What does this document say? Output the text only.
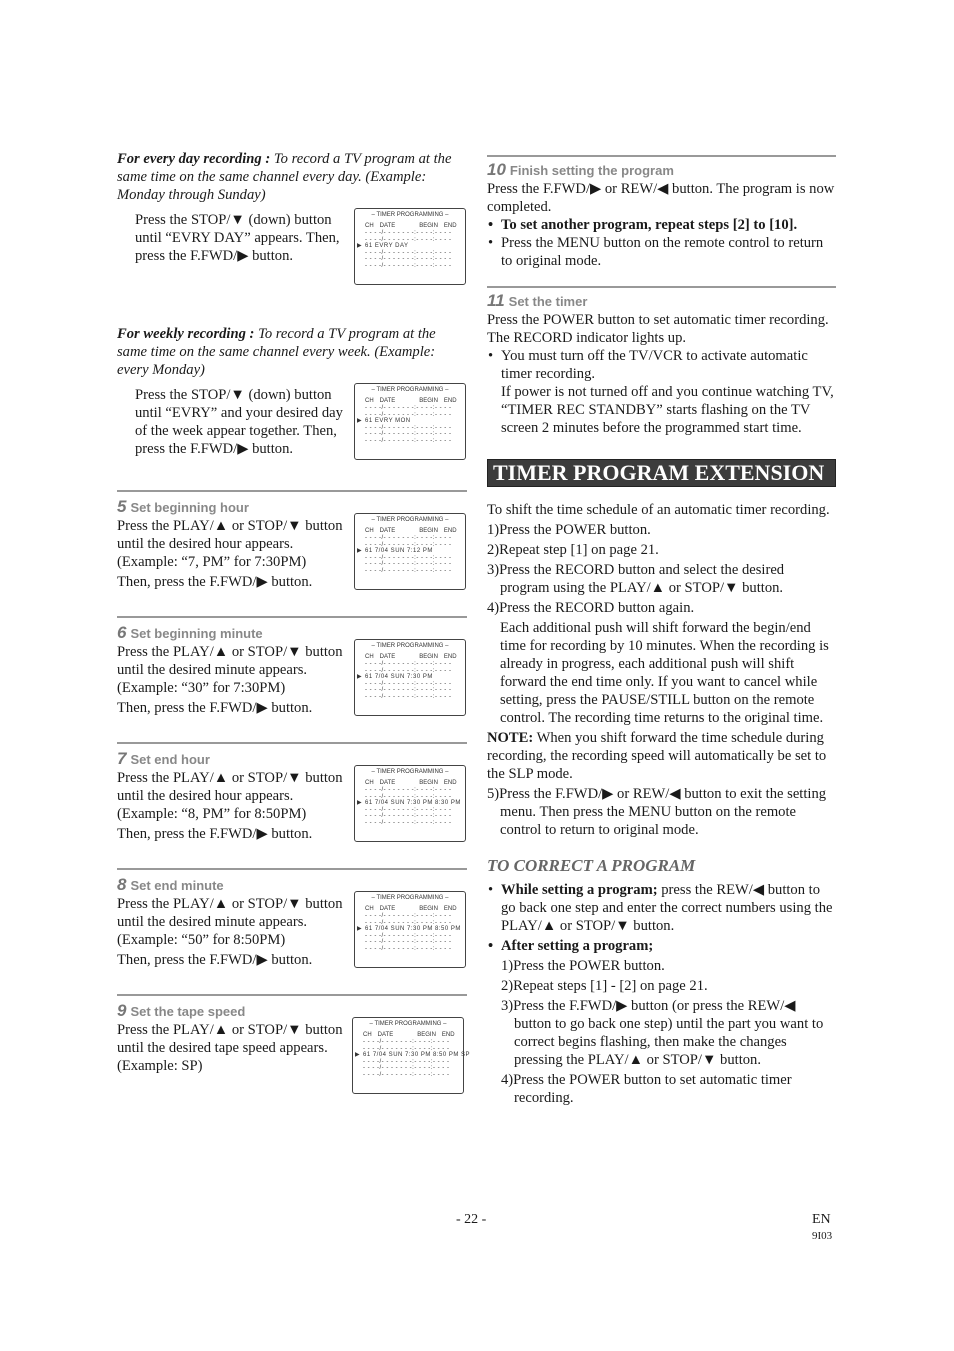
For every day recording : To record a TV program at the same time on the same channel every day. (Example: Monday through Sunday)

Press the STOP/▼ (down) button until “EVRY DAY” appears. Then, press the F.FWD/▶ button.

– TIMER PROGRAMMING –
CH DATE	BEGIN END
- - - -/- - - - - - -:- - - -:- - - -
- - - -/- - - - - - -:- - - -:- - - -
▶ 61 EVRY DAY
- - - -/- - - - - - -:- - - -:- - - -
- - - -/- - - - - - -:- - - -:- - - -
- - - -/- - - - - - -:- - - -:- - - -

For weekly recording : To record a TV program at the same time on the same channel every week. (Example: every Monday)

Press the STOP/▼ (down) button until “EVRY” and your desired day of the week appear together. Then, press the F.FWD/▶ button.

– TIMER PROGRAMMING –
CH DATE	BEGIN END
- - - -/- - - - - - -:- - - -:- - - -
- - - -/- - - - - - -:- - - -:- - - -
▶ 61 EVRY MON
- - - -/- - - - - - -:- - - -:- - - -
- - - -/- - - - - - -:- - - -:- - - -
- - - -/- - - - - - -:- - - -:- - - -
5 Set beginning hour

Press the PLAY/▲ or STOP/▼ button until the desired hour appears. (Example: “7, PM” for 7:30PM)

Then, press the F.FWD/▶ button.

– TIMER PROGRAMMING –
CH DATE	BEGIN END
- - - -/- - - - - - -:- - - -:- - - -
- - - -/- - - - - - -:- - - -:- - - -
▶ 61 7/04 SUN 7:12 PM
- - - -/- - - - - - -:- - - -:- - - -
- - - -/- - - - - - -:- - - -:- - - -
- - - -/- - - - - - -:- - - -:- - - -
6 Set beginning minute

Press the PLAY/▲ or STOP/▼ button until the desired minute appears. (Example: “30” for 7:30PM)

Then, press the F.FWD/▶ button.

– TIMER PROGRAMMING –
CH DATE	BEGIN END
- - - -/- - - - - - -:- - - -:- - - -
- - - -/- - - - - - -:- - - -:- - - -
▶ 61 7/04 SUN 7:30 PM
- - - -/- - - - - - -:- - - -:- - - -
- - - -/- - - - - - -:- - - -:- - - -
- - - -/- - - - - - -:- - - -:- - - -
7 Set end hour

Press the PLAY/▲ or STOP/▼ button until the desired hour appears. (Example: “8, PM” for 8:50PM)

Then, press the F.FWD/▶ button.

– TIMER PROGRAMMING –
CH DATE	BEGIN END
- - - -/- - - - - - -:- - - -:- - - -
- - - -/- - - - - - -:- - - -:- - - -
▶ 61 7/04 SUN 7:30 PM 8:30 PM
- - - -/- - - - - - -:- - - -:- - - -
- - - -/- - - - - - -:- - - -:- - - -
- - - -/- - - - - - -:- - - -:- - - -
8 Set end minute

Press the PLAY/▲ or STOP/▼ button until the desired minute appears. (Example: “50” for 8:50PM)

Then, press the F.FWD/▶ button.

– TIMER PROGRAMMING –
CH DATE	BEGIN END
- - - -/- - - - - - -:- - - -:- - - -
- - - -/- - - - - - -:- - - -:- - - -
▶ 61 7/04 SUN 7:30 PM 8:50 PM
- - - -/- - - - - - -:- - - -:- - - -
- - - -/- - - - - - -:- - - -:- - - -
- - - -/- - - - - - -:- - - -:- - - -
9 Set the tape speed

Press the PLAY/▲ or STOP/▼ button until the desired tape speed appears. (Example: SP)

– TIMER PROGRAMMING –
CH DATE	BEGIN END
- - - -/- - - - - - -:- - - -:- - - -
- - - -/- - - - - - -:- - - -:- - - -
▶ 61 7/04 SUN 7:30 PM 8:50 PM SP
- - - -/- - - - - - -:- - - -:- - - -
- - - -/- - - - - - -:- - - -:- - - -
- - - -/- - - - - - -:- - - -:- - - -
10 Finish setting the program

Press the F.FWD/▶ or REW/◀ button. The program is now completed.

• To set another program, repeat steps [2] to [10].

• Press the MENU button on the remote control to return to original mode.

11 Set the timer

Press the POWER button to set automatic timer recording. The RECORD indicator lights up.

• You must turn off the TV/VCR to activate automatic timer recording.

If power is not turned off and you continue watching TV, “TIMER REC STANDBY” starts flashing on the TV screen 2 minutes before the programmed start time.

TIMER PROGRAM EXTENSION

To shift the time schedule of an automatic timer recording.

1)Press the POWER button.

2)Repeat step [1] on page 21.

3)Press the RECORD button and select the desired program using the PLAY/▲ or STOP/▼ button.

4)Press the RECORD button again.

Each additional push will shift forward the begin/end time for recording by 10 minutes. When the recording is already in progress, each additional push will shift forward the end time only. If you want to cancel while setting, press the PAUSE/STILL button on the remote control. The recording time returns to the original time.

NOTE: When you shift forward the time schedule during recording, the recording speed will automatically be set to the SLP mode.

5)Press the F.FWD/▶ or REW/◀ button to exit the setting menu. Then press the MENU button on the remote control to return to original mode.

TO CORRECT A PROGRAM

• While setting a program; press the REW/◀ button to go back one step and enter the correct numbers using the PLAY/▲ or STOP/▼ button.

• After setting a program;

1)Press the POWER button.

2)Repeat steps [1] - [2] on page 21.

3)Press the F.FWD/▶ button (or press the REW/◀ button to go back one step) until the part you want to correct begins flashing, then make the changes pressing the PLAY/▲ or STOP/▼ button.

4)Press the POWER button to set automatic timer recording.

- 22 -	EN
9I03
